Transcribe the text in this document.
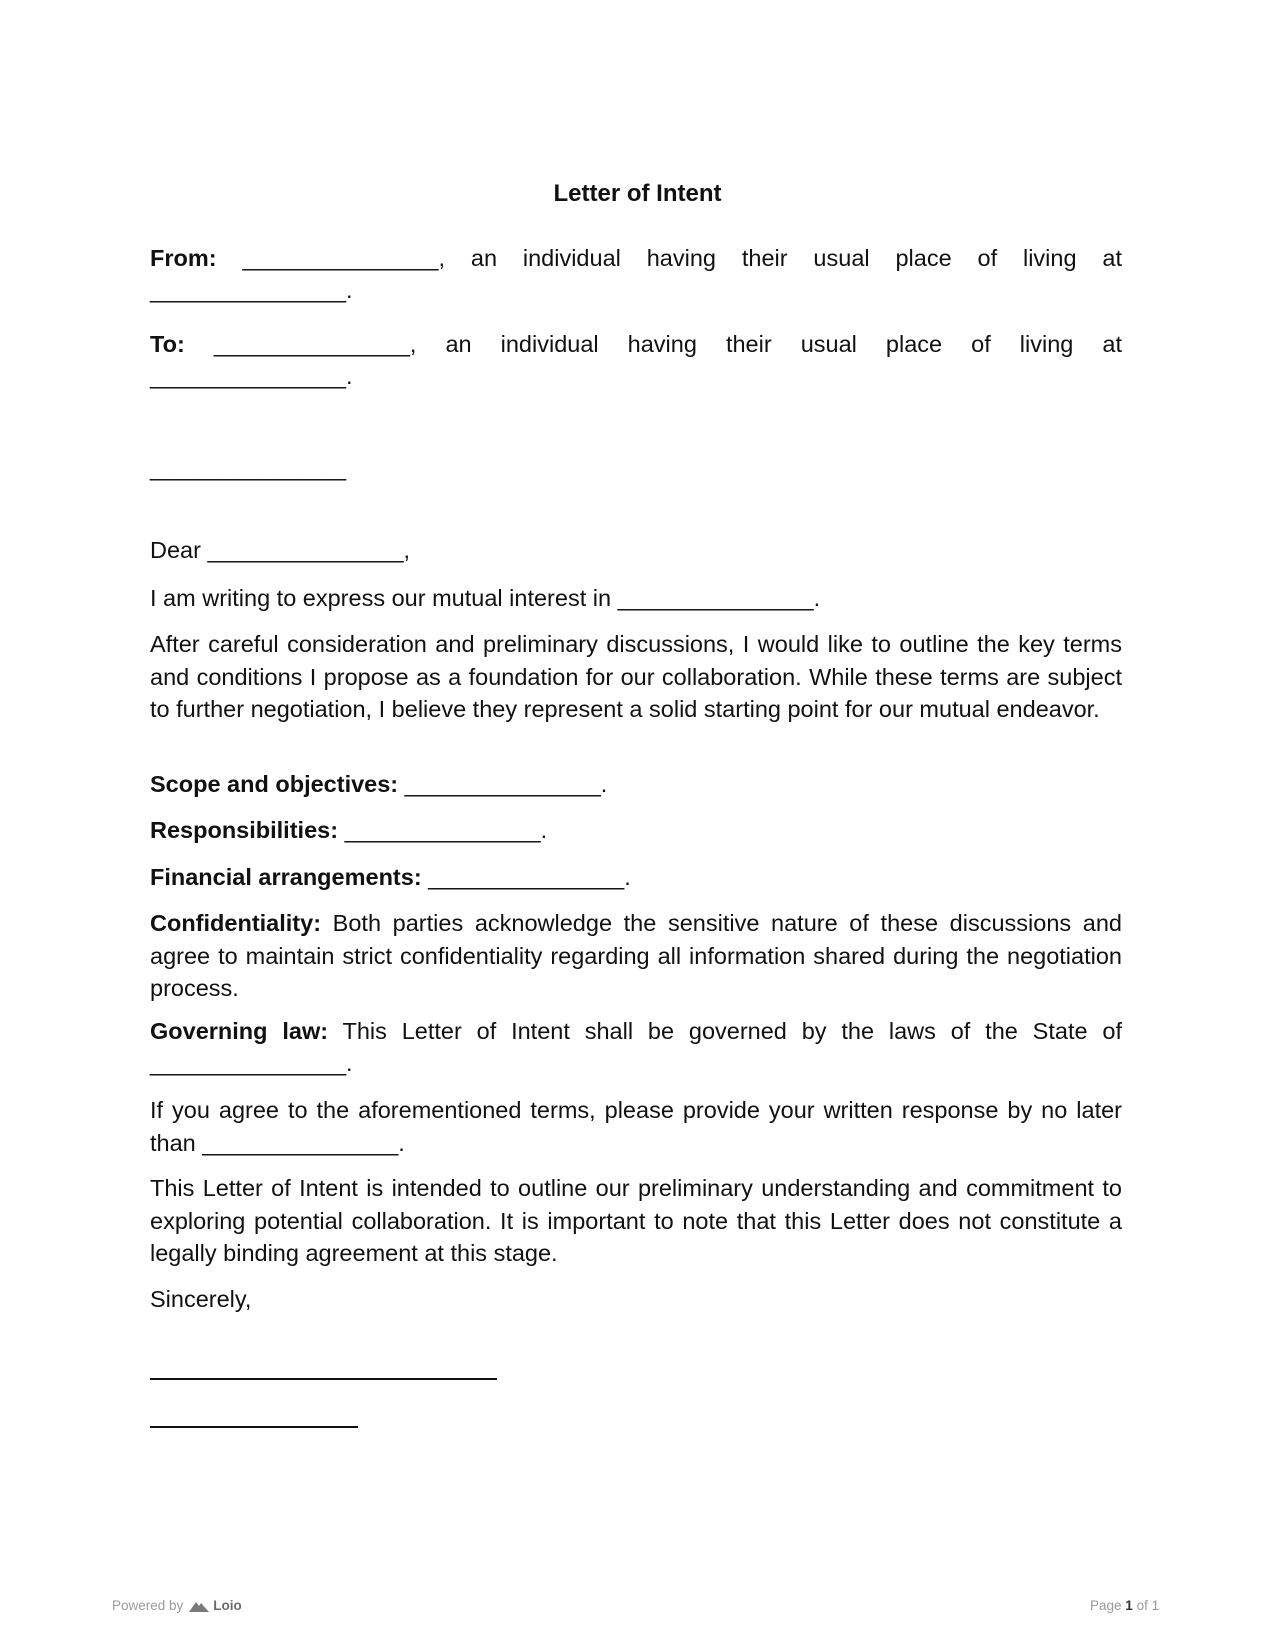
Letter of Intent
From: _______________, an individual having their usual place of living at
_______________.
To: _______________, an individual having their usual place of living at
_______________.
_______________
Dear _______________,
I am writing to express our mutual interest in _______________.
After careful consideration and preliminary discussions, I would like to outline the key terms and conditions I propose as a foundation for our collaboration. While these terms are subject to further negotiation, I believe they represent a solid starting point for our mutual endeavor.
Scope and objectives: _______________.
Responsibilities: _______________.
Financial arrangements: _______________.
Confidentiality: Both parties acknowledge the sensitive nature of these discussions and agree to maintain strict confidentiality regarding all information shared during the negotiation process.
Governing law: This Letter of Intent shall be governed by the laws of the State of
_______________.
If you agree to the aforementioned terms, please provide your written response by no later than _______________.
This Letter of Intent is intended to outline our preliminary understanding and commitment to exploring potential collaboration. It is important to note that this Letter does not constitute a legally binding agreement at this stage.
Sincerely,
Powered by Loio	Page 1 of 1
